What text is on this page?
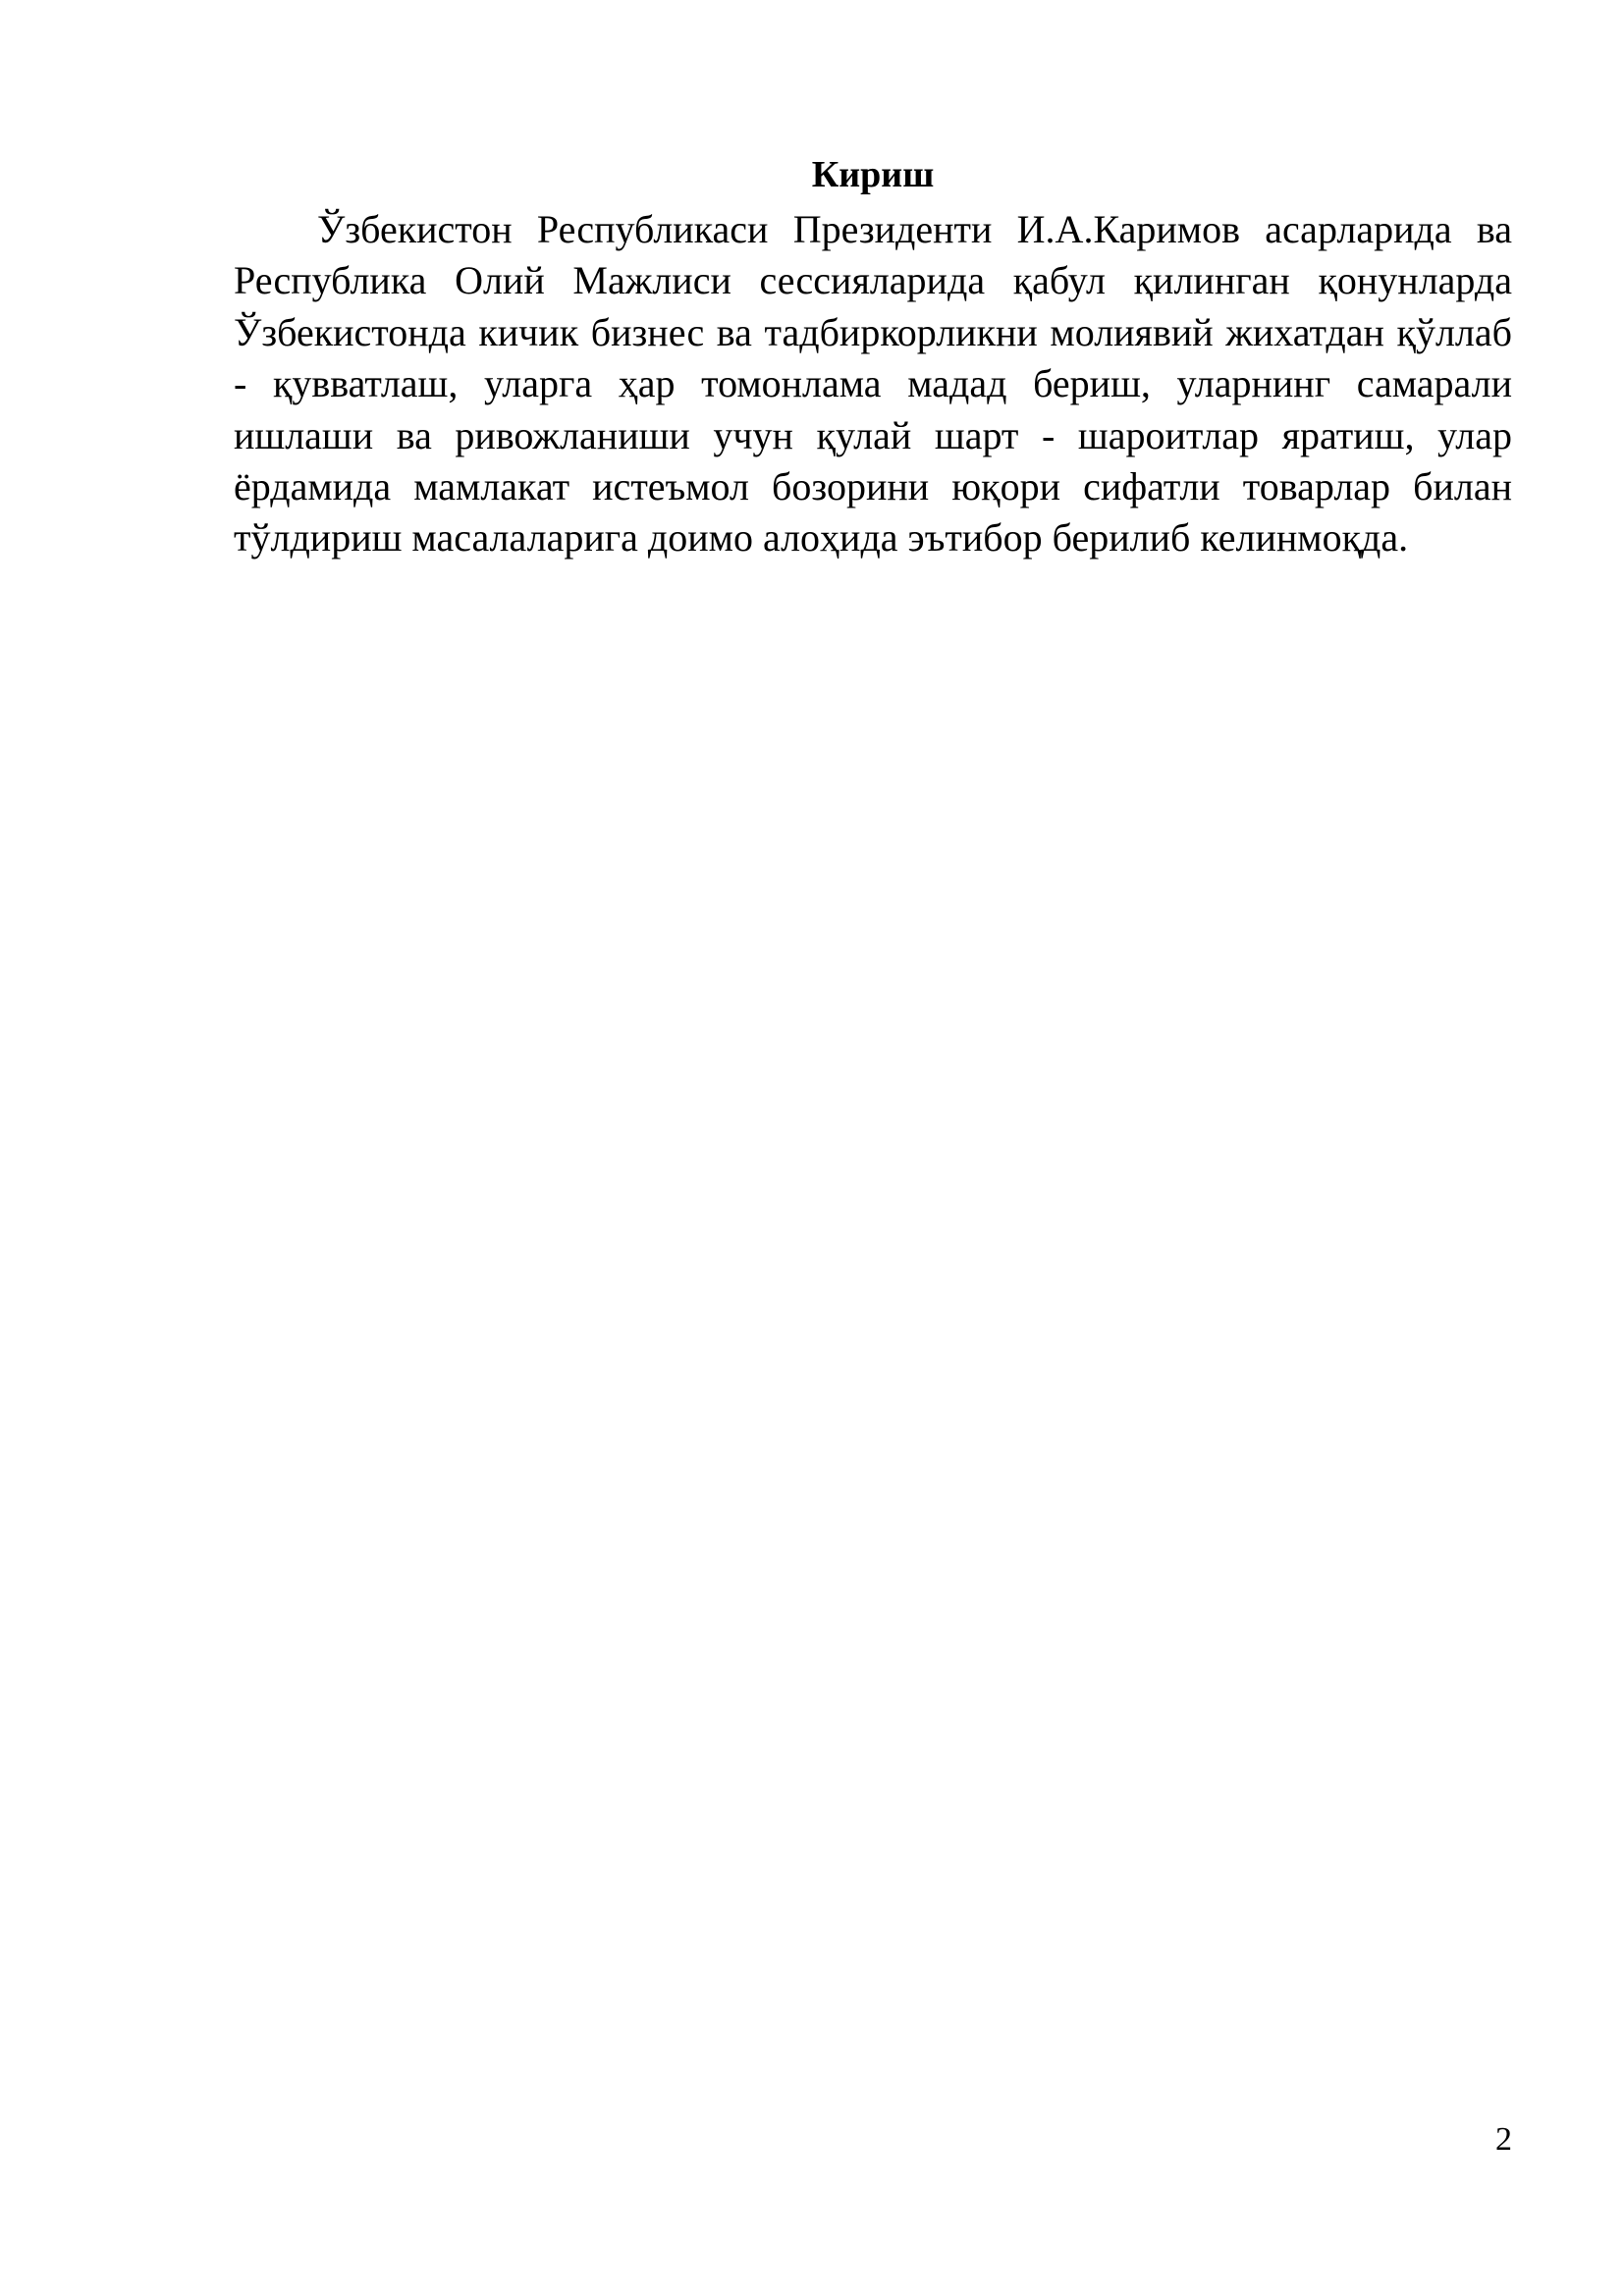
Кириш

Ўзбекистон Республикаси Президенти И.А.Каримов асарларида ва Республика Олий Мажлиси сессияларида қабул қилинган қонунларда Ўзбекистонда кичик бизнес ва тадбиркорликни молиявий жихатдан қўллаб - қувватлаш, уларга ҳар томонлама мадад бериш, уларнинг самарали ишлаши ва ривожланиши учун қулай шарт - шароитлар яратиш, улар ёрдамида мамлакат истеъмол бозорини юқори сифатли товарлар билан тўлдириш масалаларига доимо алоҳида эътибор берилиб келинмоқда.

2
